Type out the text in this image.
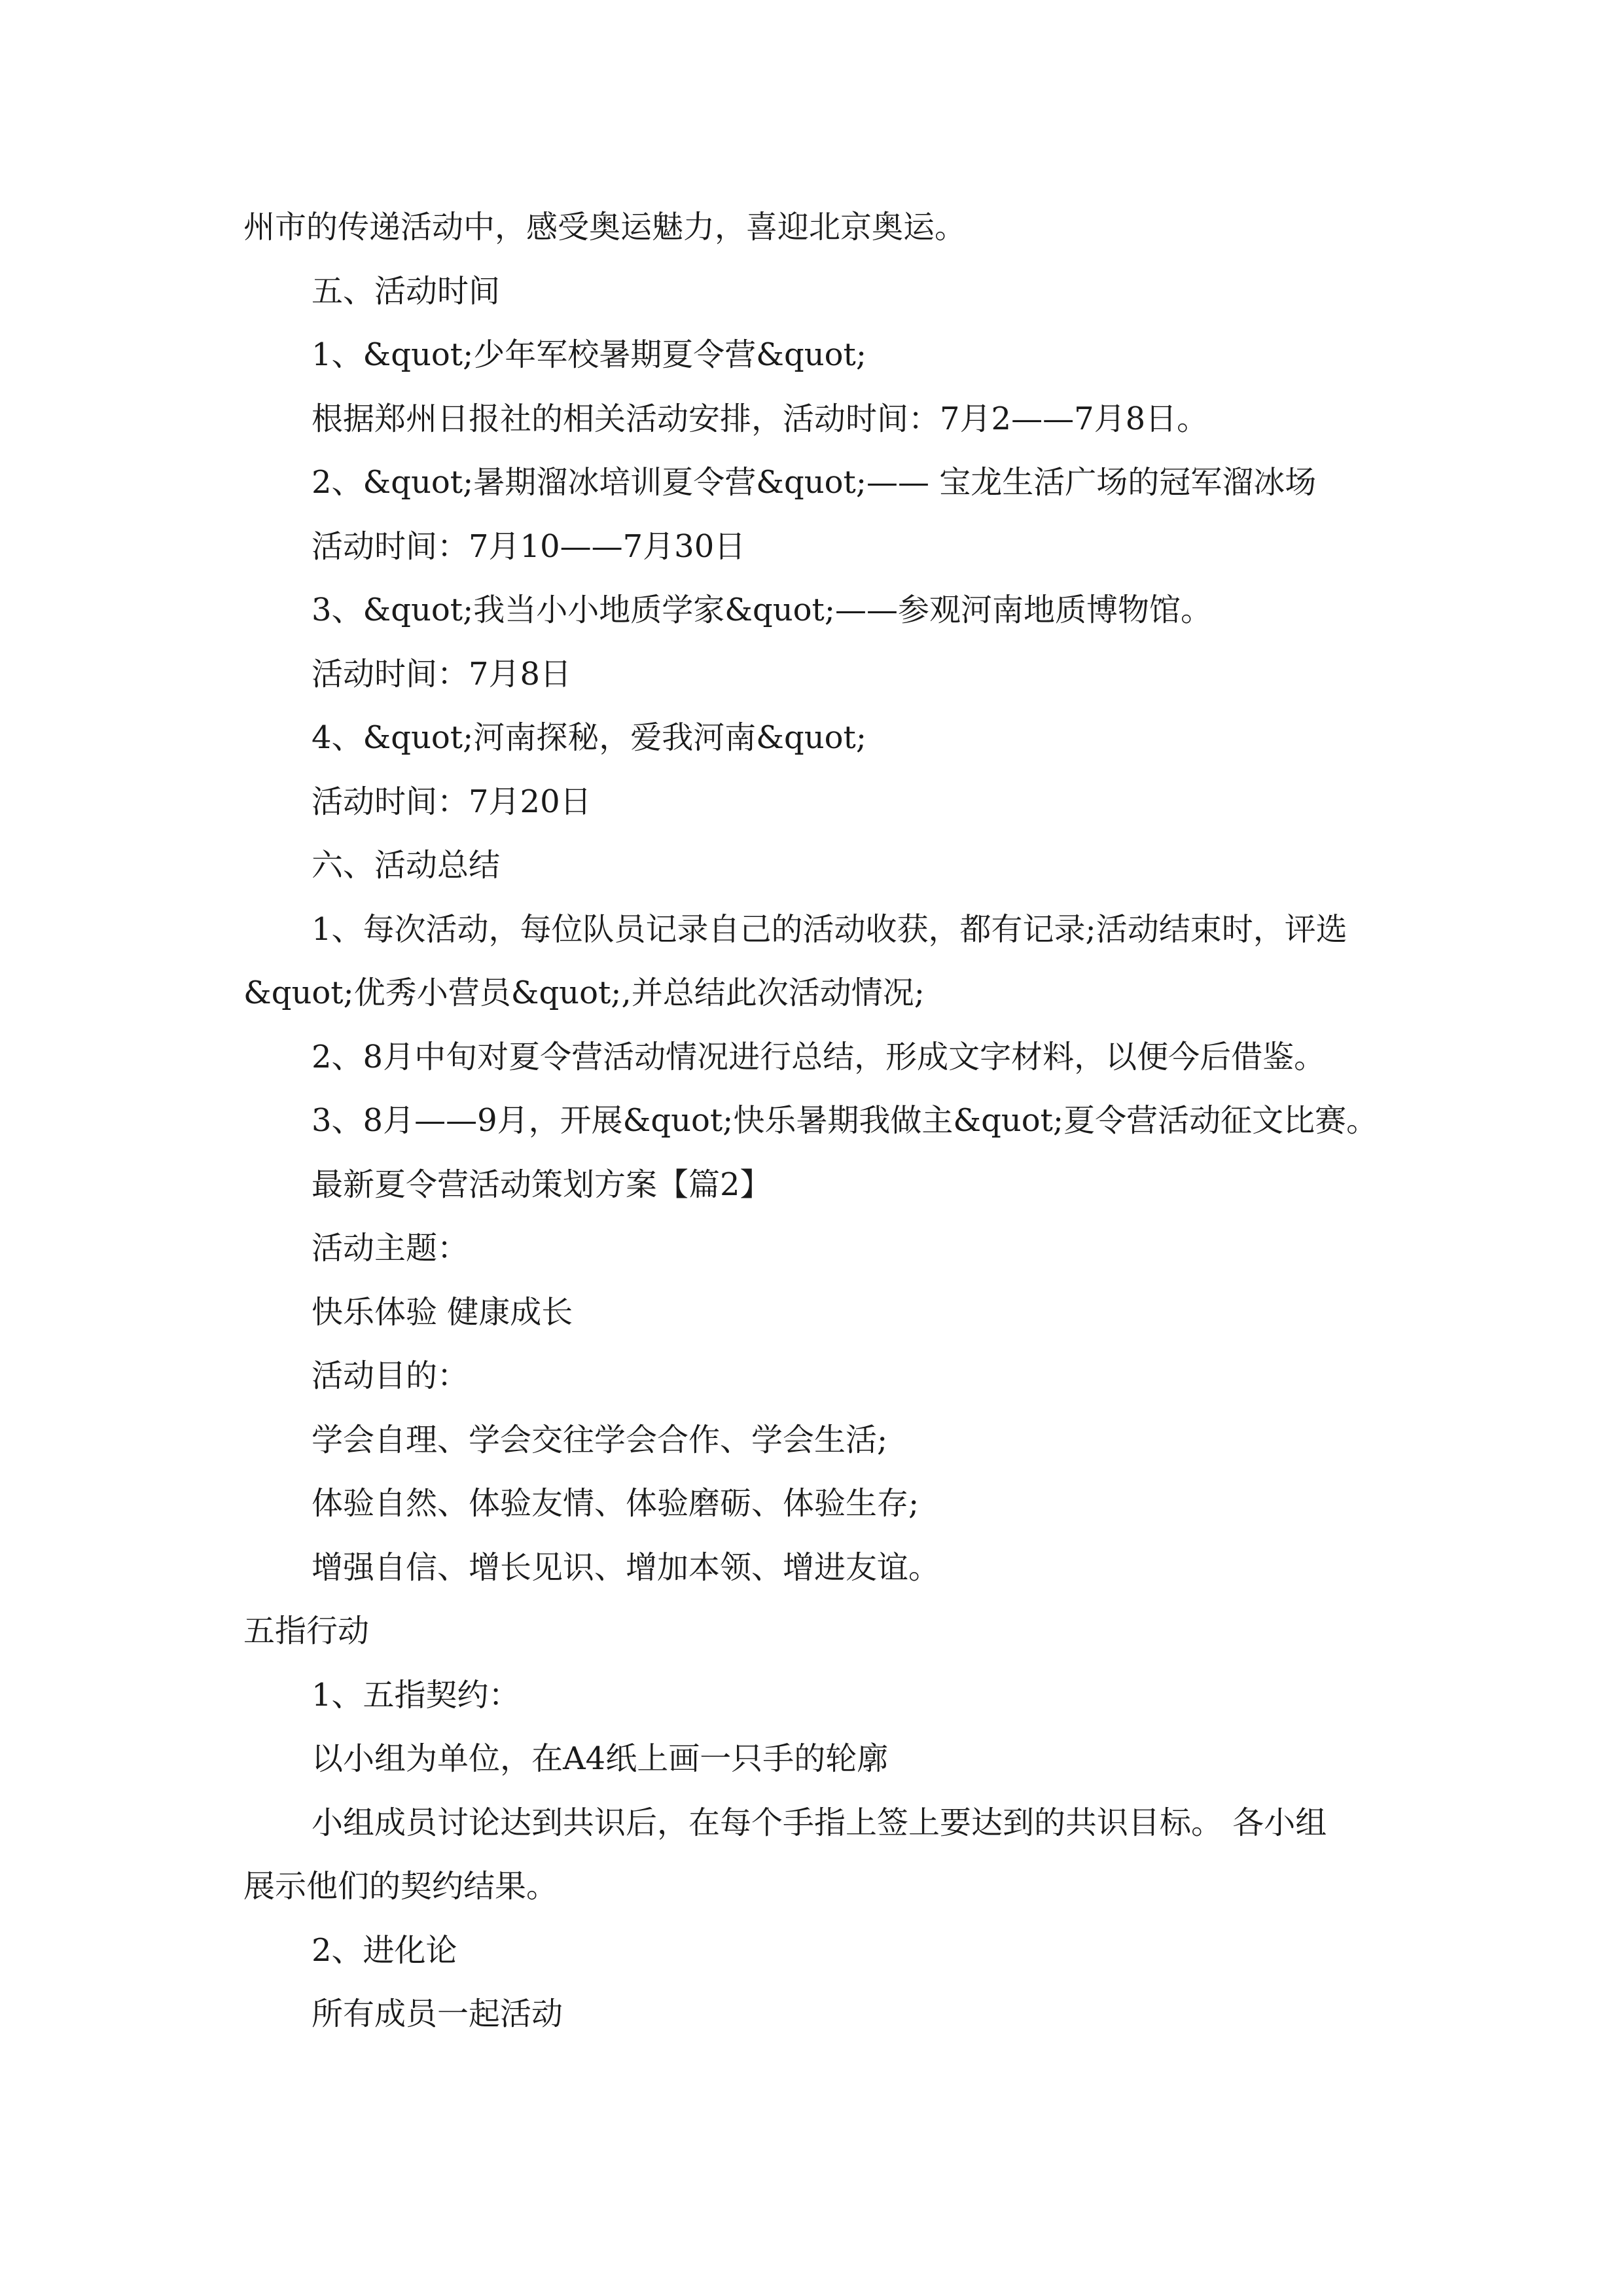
州市的传递活动中，感受奥运魅力，喜迎北京奥运。
五、活动时间
1、&quot;少年军校暑期夏令营&quot;
根据郑州日报社的相关活动安排，活动时间：7月2——7月8日。
2、&quot;暑期溜冰培训夏令营&quot;—— 宝龙生活广场的冠军溜冰场
活动时间：7月10——7月30日
3、&quot;我当小小地质学家&quot;——参观河南地质博物馆。
活动时间：7月8日
4、&quot;河南探秘，爱我河南&quot;
活动时间：7月20日
六、活动总结
1、每次活动，每位队员记录自己的活动收获，都有记录;活动结束时，评选
&quot;优秀小营员&quot;,并总结此次活动情况;
2、8月中旬对夏令营活动情况进行总结，形成文字材料，以便今后借鉴。
3、8月——9月，开展&quot;快乐暑期我做主&quot;夏令营活动征文比赛。
最新夏令营活动策划方案【篇2】
活动主题：
快乐体验 健康成长
活动目的：
学会自理、学会交往学会合作、学会生活;
体验自然、体验友情、体验磨砺、体验生存;
增强自信、增长见识、增加本领、增进友谊。
五指行动
1、五指契约：
以小组为单位，在A4纸上画一只手的轮廓
小组成员讨论达到共识后，在每个手指上签上要达到的共识目标。 各小组
展示他们的契约结果。
2、进化论
所有成员一起活动
